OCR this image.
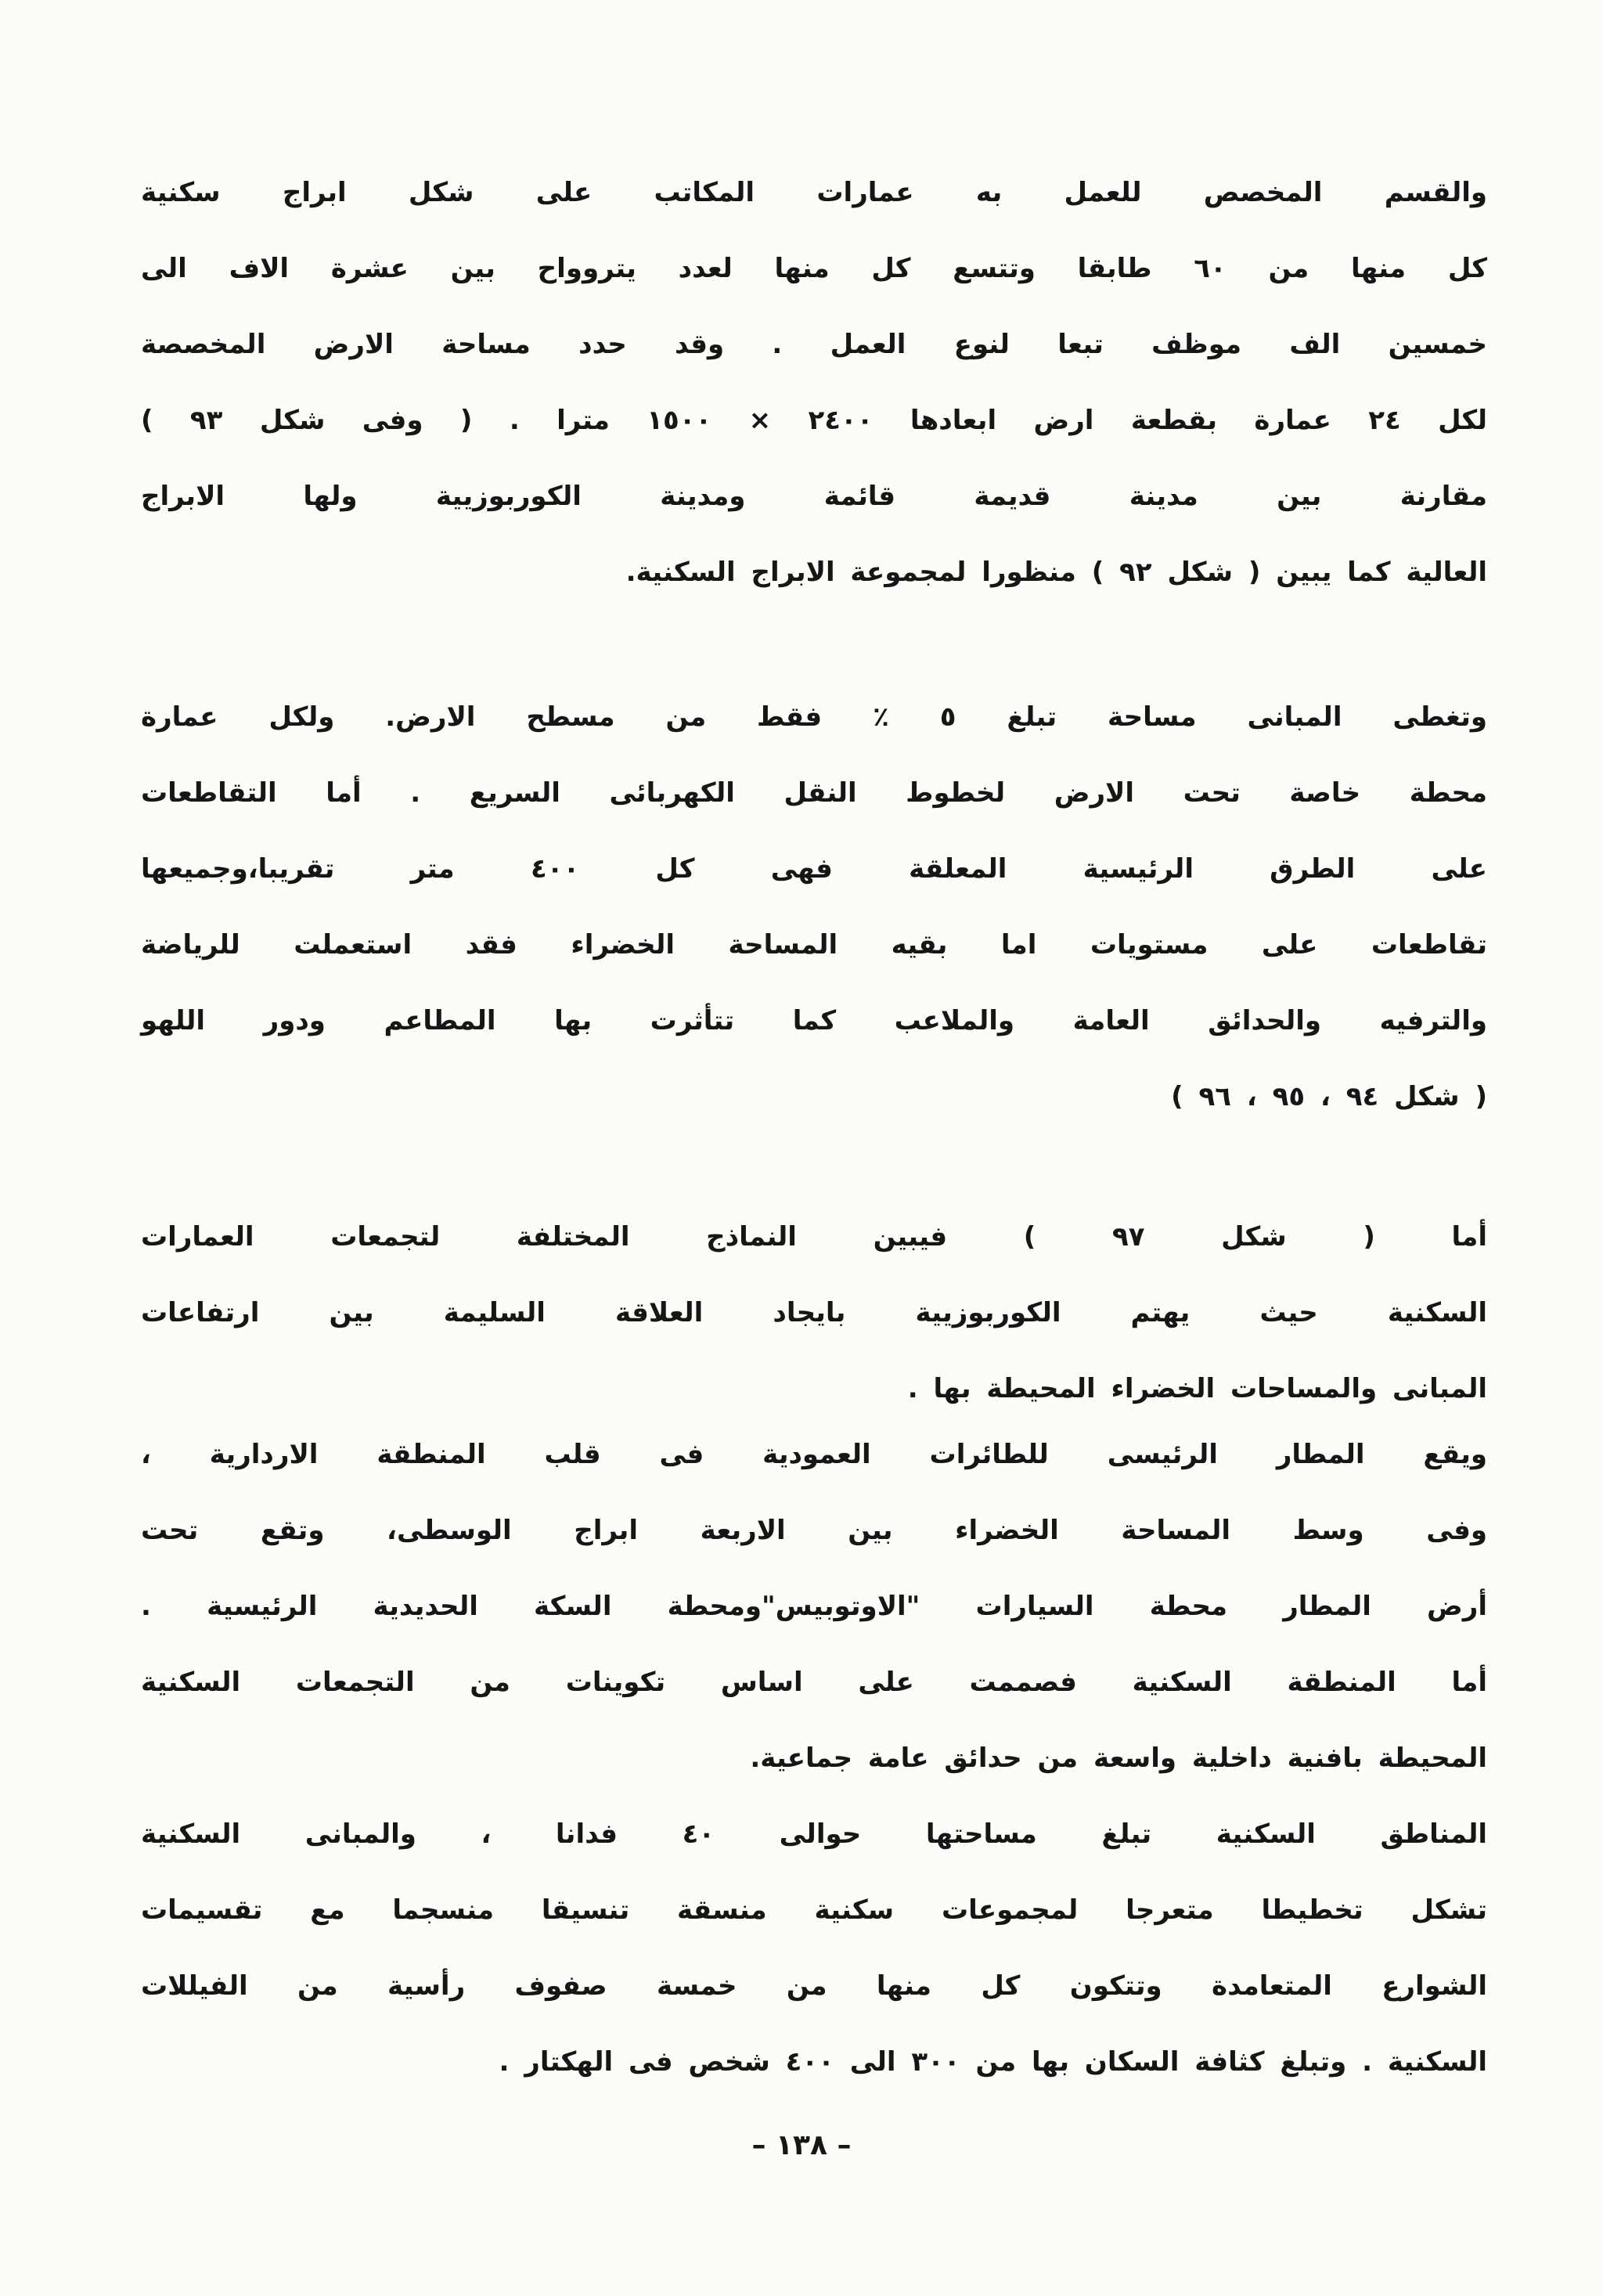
والقسم المخصص للعمل به عمارات المكاتب على شكل ابراج سكنية
كل منها من ٦٠ طابقا وتتسع كل منها لعدد يتروواح بين عشرة الاف الى
خمسين الف موظف تبعا لنوع العمل . وقد حدد مساحة الارض المخصصة
لكل ٢٤ عمارة بقطعة ارض ابعادها ٢٤٠٠ × ١٥٠٠ مترا . ( وفى شكل ٩٣ )
مقارنة بين مدينة قديمة قائمة ومدينة الكوربوزيية ولها الابراج
العالية كما يبين ( شكل ٩٢ ) منظورا لمجموعة الابراج السكنية.
وتغطى المبانى مساحة تبلغ ٥ ٪ فقط من مسطح الارض. ولكل عمارة
محطة خاصة تحت الارض لخطوط النقل الكهربائى السريع . أما التقاطعات
على الطرق الرئيسية المعلقة فهى كل ٤٠٠ متر تقريبا،وجميعها
تقاطعات على مستويات اما بقيه المساحة الخضراء فقد استعملت للرياضة
والترفيه والحدائق العامة والملاعب كما تتأثرت بها المطاعم ودور اللهو
( شكل ٩٤ ، ٩٥ ، ٩٦ )
أما ( شكل ٩٧ ) فيبين النماذج المختلفة لتجمعات العمارات
السكنية حيث يهتم الكوربوزيية بايجاد العلاقة السليمة بين ارتفاعات
المبانى والمساحات الخضراء المحيطة بها .
ويقع المطار الرئيسى للطائرات العمودية فى قلب المنطقة الاردارية ،
وفى وسط المساحة الخضراء بين الاربعة ابراج الوسطى، وتقع تحت
أرض المطار محطة السيارات "الاوتوبيس"ومحطة السكة الحديدية الرئيسية .
أما المنطقة السكنية فصممت على اساس تكوينات من التجمعات السكنية
المحيطة بافنية داخلية واسعة من حدائق عامة جماعية.
المناطق السكنية تبلغ مساحتها حوالى ٤٠ فدانا ، والمبانى السكنية
تشكل تخطيطا متعرجا لمجموعات سكنية منسقة تنسيقا منسجما مع تقسيمات
الشوارع المتعامدة وتتكون كل منها من خمسة صفوف رأسية من الفيللات
السكنية . وتبلغ كثافة السكان بها من ٣٠٠ الى ٤٠٠ شخص فى الهكتار .
– ١٣٨ –
